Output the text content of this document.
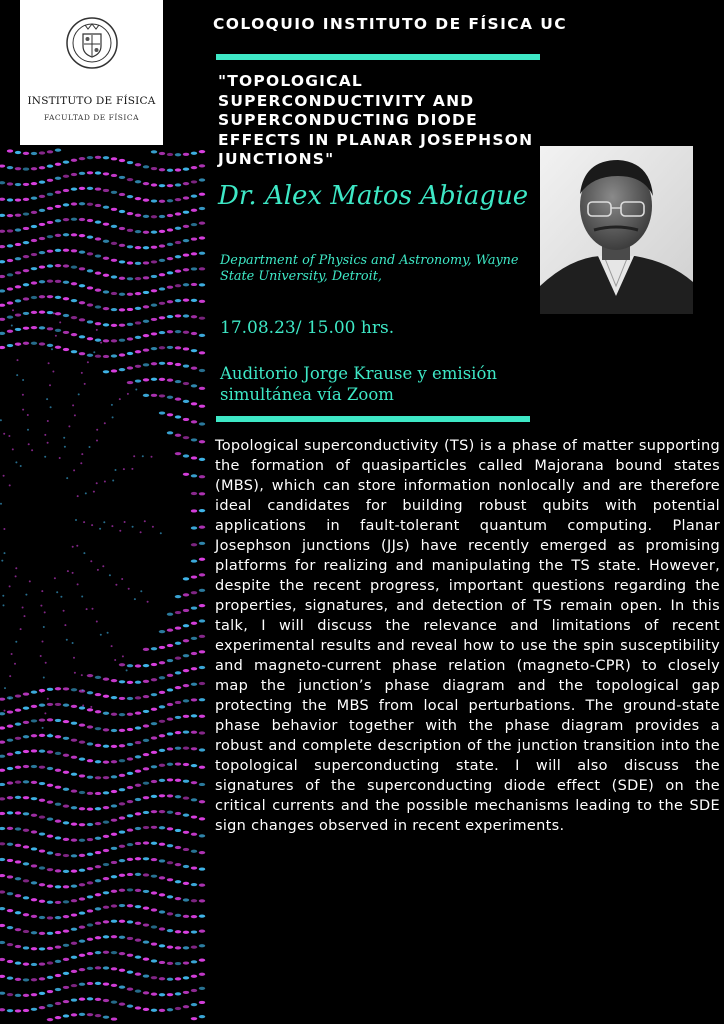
INSTITUTO DE FÍSICA
FACULTAD DE FÍSICA
COLOQUIO INSTITUTO DE FÍSICA UC
"TOPOLOGICAL SUPERCONDUCTIVITY AND SUPERCONDUCTING DIODE EFFECTS IN PLANAR JOSEPHSON JUNCTIONS"
Dr. Alex Matos Abiague
Department of Physics and Astronomy, Wayne State University, Detroit,
17.08.23/ 15.00 hrs.
Auditorio Jorge Krause y emisión simultánea vía Zoom
Topological superconductivity (TS) is a phase of matter supporting the formation of quasiparticles called Majorana bound states (MBS), which can store information nonlocally and are therefore ideal candidates for building robust qubits with potential applications in fault-tolerant quantum computing. Planar Josephson junctions (JJs) have recently emerged as promising platforms for realizing and manipulating the TS state. However, despite the recent progress, important questions regarding the properties, signatures, and detection of TS remain open. In this talk, I will discuss the relevance and limitations of recent experimental results and reveal how to use the spin susceptibility and magneto-current phase relation (magneto-CPR) to closely map the junction’s phase diagram and the topological gap protecting the MBS from local perturbations. The ground-state phase behavior together with the phase diagram provides a robust and complete description of the junction transition into the topological superconducting state. I will also discuss the signatures of the superconducting diode effect (SDE) on the critical currents and the possible mechanisms leading to the SDE sign changes observed in recent experiments.
